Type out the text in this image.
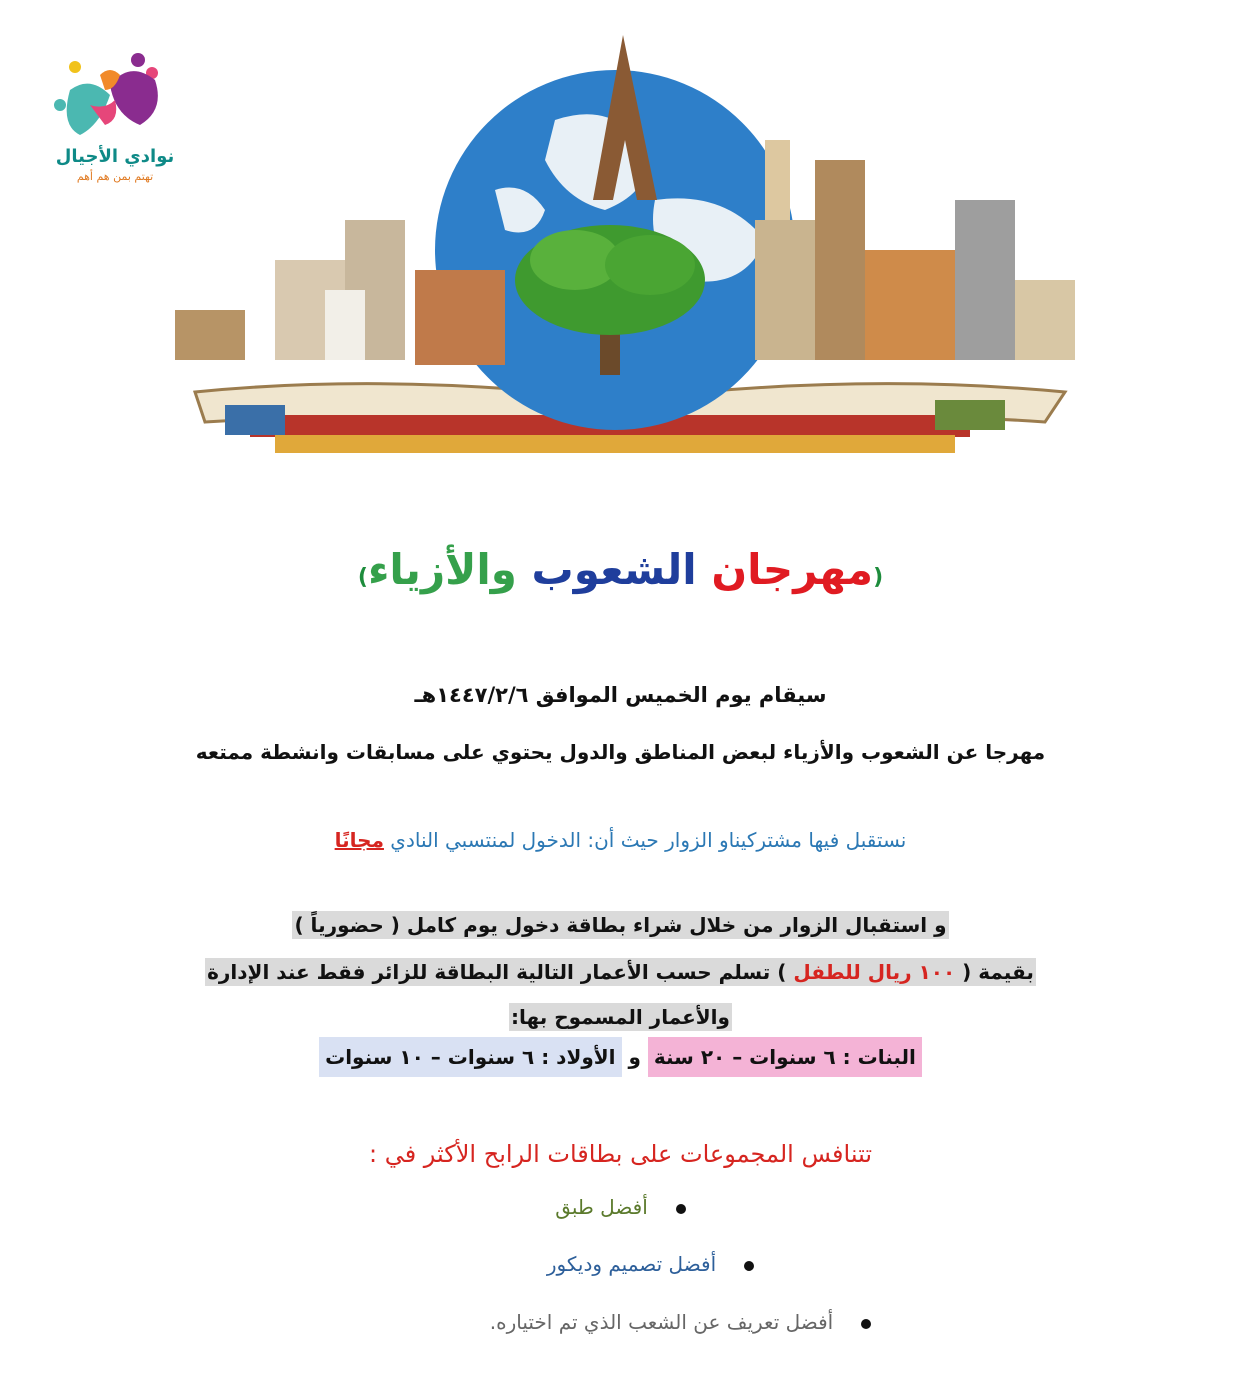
نوادي الأجيال
تهتم بمن هم أهم
(مهرجان الشعوب والأزياء)
سيقام يوم الخميس الموافق ١٤٤٧/٢/٦هـ
مهرجا عن الشعوب والأزياء لبعض المناطق والدول يحتوي على مسابقات وانشطة ممتعه
نستقبل فيها مشتركيناو الزوار حيث أن: الدخول لمنتسبي النادي مجانًا
و استقبال الزوار من خلال شراء بطاقة دخول يوم كامل ( حضورياً )
بقيمة ( ١٠٠ ريال للطفل ) تسلم حسب الأعمار التالية البطاقة للزائر فقط عند الإدارة
والأعمار المسموح بها:
البنات : ٦ سنوات – ٢٠ سنة و الأولاد : ٦ سنوات – ١٠ سنوات
تتنافس المجموعات على بطاقات الرابح الأكثر في :
أفضل طبق
أفضل تصميم وديكور
أفضل تعريف عن الشعب الذي تم اختياره.
